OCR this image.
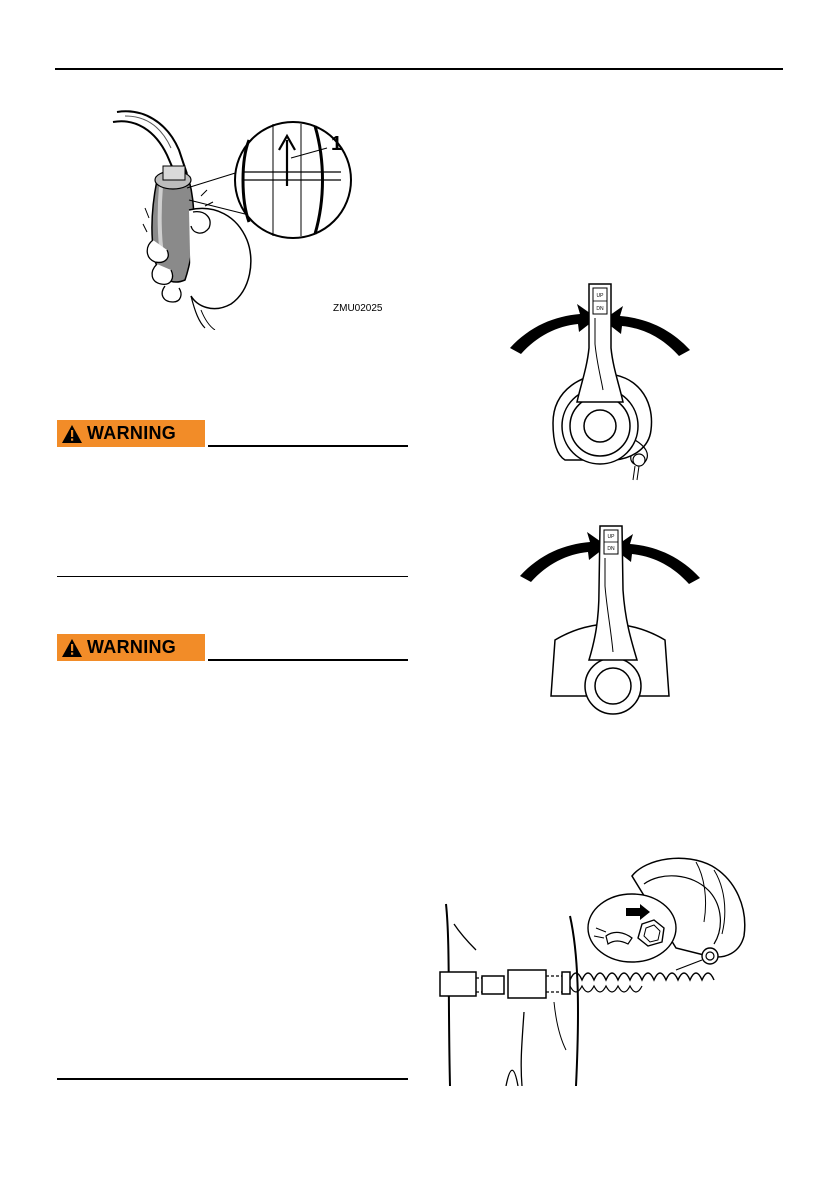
1
ZMU02025
WARNING
WARNING
UP
DN
UP
DN
